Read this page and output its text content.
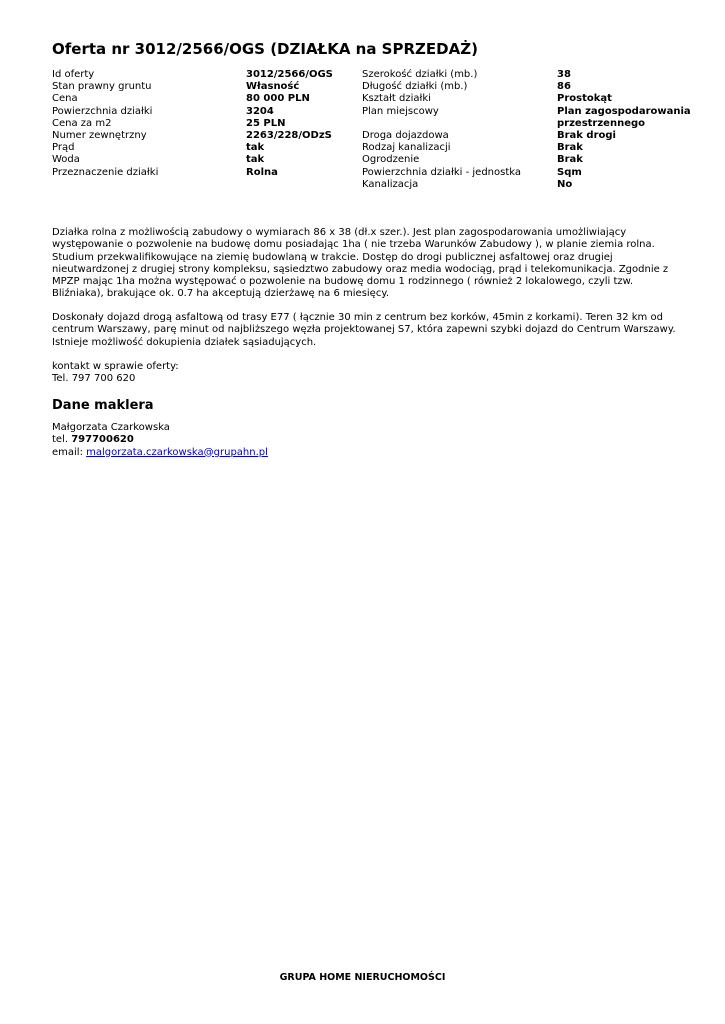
Oferta nr 3012/2566/OGS (DZIAŁKA na SPRZEDAŻ)
Id oferty
Stan prawny gruntu
Cena
Powierzchnia działki
Cena za m2
Numer zewnętrzny
Prąd
Woda
Przeznaczenie działki
3012/2566/OGS
Własność
80 000 PLN
3204
25 PLN
2263/228/ODzS
tak
tak
Rolna
Szerokość działki (mb.)
Długość działki (mb.)
Kształt działki
Plan miejscowy
Droga dojazdowa
Rodzaj kanalizacji
Ogrodzenie
Powierzchnia działki - jednostka
Kanalizacja
38
86
Prostokąt
Plan zagospodarowania przestrzennego
Brak drogi
Brak
Brak
Sqm
No

Działka rolna z możliwością zabudowy o wymiarach 86 x 38 (dł.x szer.). Jest plan zagospodarowania umożliwiający występowanie o pozwolenie na budowę domu posiadając 1ha ( nie trzeba Warunków Zabudowy ), w planie ziemia rolna. Studium przekwalifikowujące na ziemię budowlaną w trakcie. Dostęp do drogi publicznej asfaltowej oraz drugiej nieutwardzonej z drugiej strony kompleksu, sąsiedztwo zabudowy oraz media wodociąg, prąd i telekomunikacja. Zgodnie z MPZP mając 1ha można występować o pozwolenie na budowę domu 1 rodzinnego ( również 2 lokalowego, czyli tzw. Bliźniaka), brakujące ok. 0.7 ha akceptują dzierżawę na 6 miesięcy.

Doskonały dojazd drogą asfaltową od trasy E77 ( łącznie 30 min z centrum bez korków, 45min z korkami). Teren 32 km od centrum Warszawy, parę minut od najbliższego węzła projektowanej S7, która zapewni szybki dojazd do Centrum Warszawy. Istnieje możliwość dokupienia działek sąsiadujących.

kontakt w sprawie oferty:
Tel. 797 700 620
Dane maklera
Małgorzata Czarkowska
tel. 797700620
email: malgorzata.czarkowska@grupahn.pl
GRUPA HOME NIERUCHOMOŚCI
